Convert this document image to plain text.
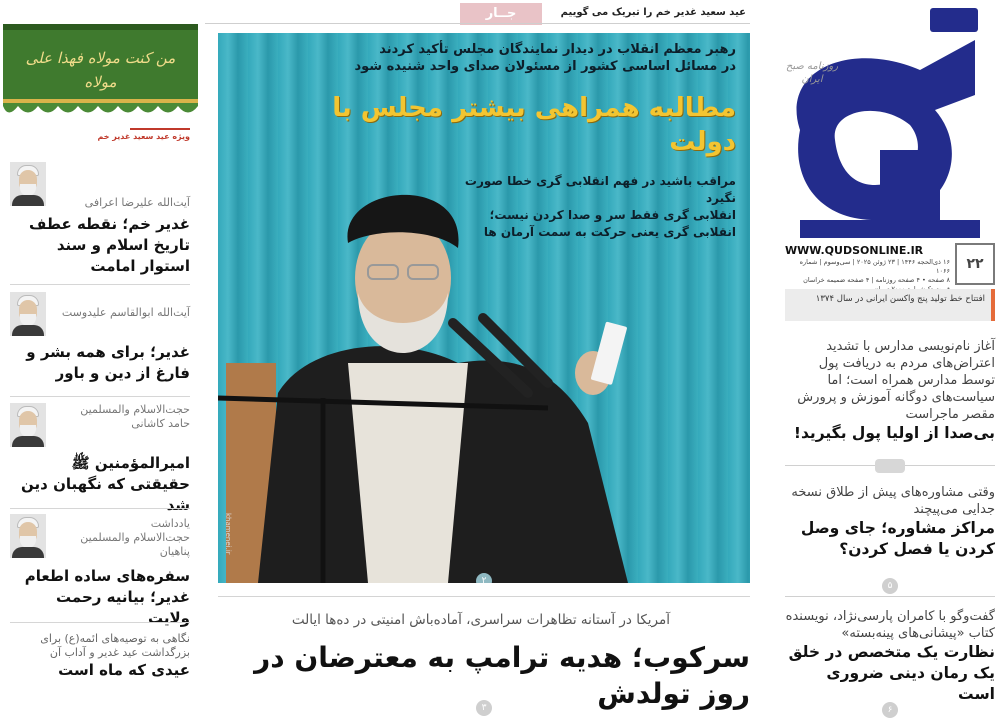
عید سعید غدیر خم را تبریک می گوییم
جــار
روزنامه صبح ایران
WWW.QUDSONLINE.IR
۲۲
۱۶ ذی‌الحجه ۱۴۴۶ | ۲۳ ژوئن ۲۰۲۵ | سی‌وسوم | شماره ۱۰۶۶
۸ صفحه • ۴ صفحه روزنامه | ۴ صفحه ضمیمه خراسان
افتتاح خط تولید پنج واکسن ایرانی در سال ۱۳۷۴
آغاز نام‌نویسی مدارس با تشدید اعتراض‌های مردم به دریافت پول توسط مدارس همراه است؛ اما سیاست‌های دوگانه آموزش و پرورش مقصر ماجراست
بی‌صدا از اولیا پول بگیرید!
وقتی مشاوره‌های پیش از طلاق نسخه جدایی می‌پیچند
مراکز مشاوره؛ جای وصل کردن یا فصل کردن؟
۵
گفت‌وگو با کامران پارسی‌نژاد، نویسنده کتاب «پیشانی‌های پینه‌بسته»
نظارت یک متخصص در خلق یک رمان دینی ضروری است
۶
رهبر معظم انقلاب در دیدار نمایندگان مجلس تأکید کردند
در مسائل اساسی کشور از مسئولان صدای واحد شنیده شود
مطالبه همراهی بیشتر مجلس با دولت
مراقب باشید در فهم انقلابی گری خطا صورت نگیرد
انقلابی گری فقط سر و صدا کردن نیست؛
انقلابی گری یعنی حرکت به سمت آرمان ها
khamenei.ir
۲
آمریکا در آستانه تظاهرات سراسری، آماده‌باش امنیتی در ده‌ها ایالت
سرکوب؛ هدیه ترامپ به معترضان در روز تولدش
۳
من کنت مولاه فهذا علی مولاه
ویژه عید سعید غدیر خم
آیت‌الله علیرضا اعرافی
غدیر خم؛ نقطه عطف تاریخ اسلام و سند استوار امامت
آیت‌الله ابوالقاسم علیدوست
غدیر؛ برای همه بشر و فارغ از دین و باور
حجت‌الاسلام والمسلمین حامد کاشانی
امیرالمؤمنین ﷺ حقیقتی که نگهبان دین شد
یادداشت
حجت‌الاسلام والمسلمین پناهیان
سفره‌های ساده اطعام غدیر؛ بیانیه رحمت ولایت
نگاهی به توصیه‌های ائمه(ع) برای بزرگداشت عید غدیر و آداب آن
عیدی که ماه است
